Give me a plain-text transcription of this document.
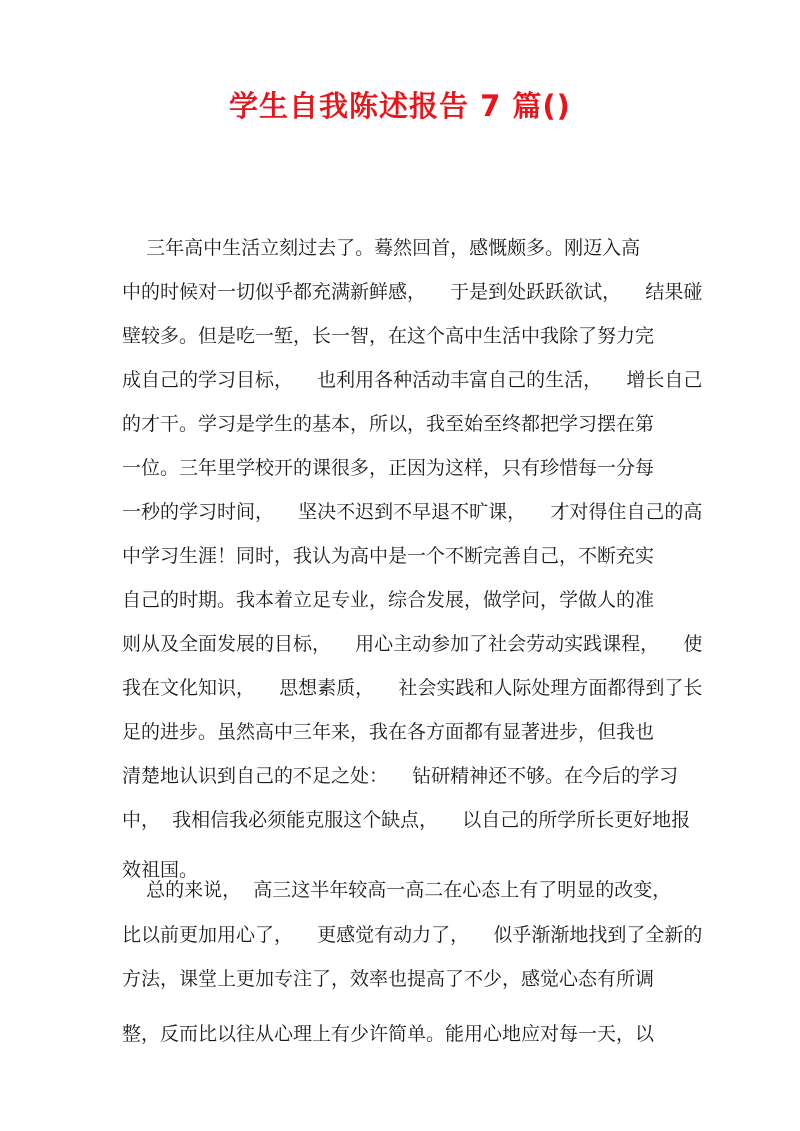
学生自我陈述报告 7 篇()
三年高中生活立刻过去了。蓦然回首，感慨颇多。刚迈入高
中的时候对一切似乎都充满新鲜感，    于是到处跃跃欲试，    结果碰
壁较多。但是吃一堑，长一智，在这个高中生活中我除了努力完
成自己的学习目标，    也利用各种活动丰富自己的生活，    增长自己
的才干。学习是学生的基本，所以，我至始至终都把学习摆在第
一位。三年里学校开的课很多，正因为这样，只有珍惜每一分每
一秒的学习时间，    坚决不迟到不早退不旷课，    才对得住自己的高
中学习生涯！同时，我认为高中是一个不断完善自己，不断充实
自己的时期。我本着立足专业，综合发展，做学问，学做人的准
则从及全面发展的目标，    用心主动参加了社会劳动实践课程，    使
我在文化知识，    思想素质，    社会实践和人际处理方面都得到了长
足的进步。虽然高中三年来，我在各方面都有显著进步，但我也
清楚地认识到自己的不足之处：    钻研精神还不够。在今后的学习
中，  我相信我必须能克服这个缺点，    以自己的所学所长更好地报
效祖国。
总的来说，  高三这半年较高一高二在心态上有了明显的改变，
比以前更加用心了，    更感觉有动力了，    似乎渐渐地找到了全新的
方法，课堂上更加专注了，效率也提高了不少，感觉心态有所调
整，反而比以往从心理上有少许简单。能用心地应对每一天，以
